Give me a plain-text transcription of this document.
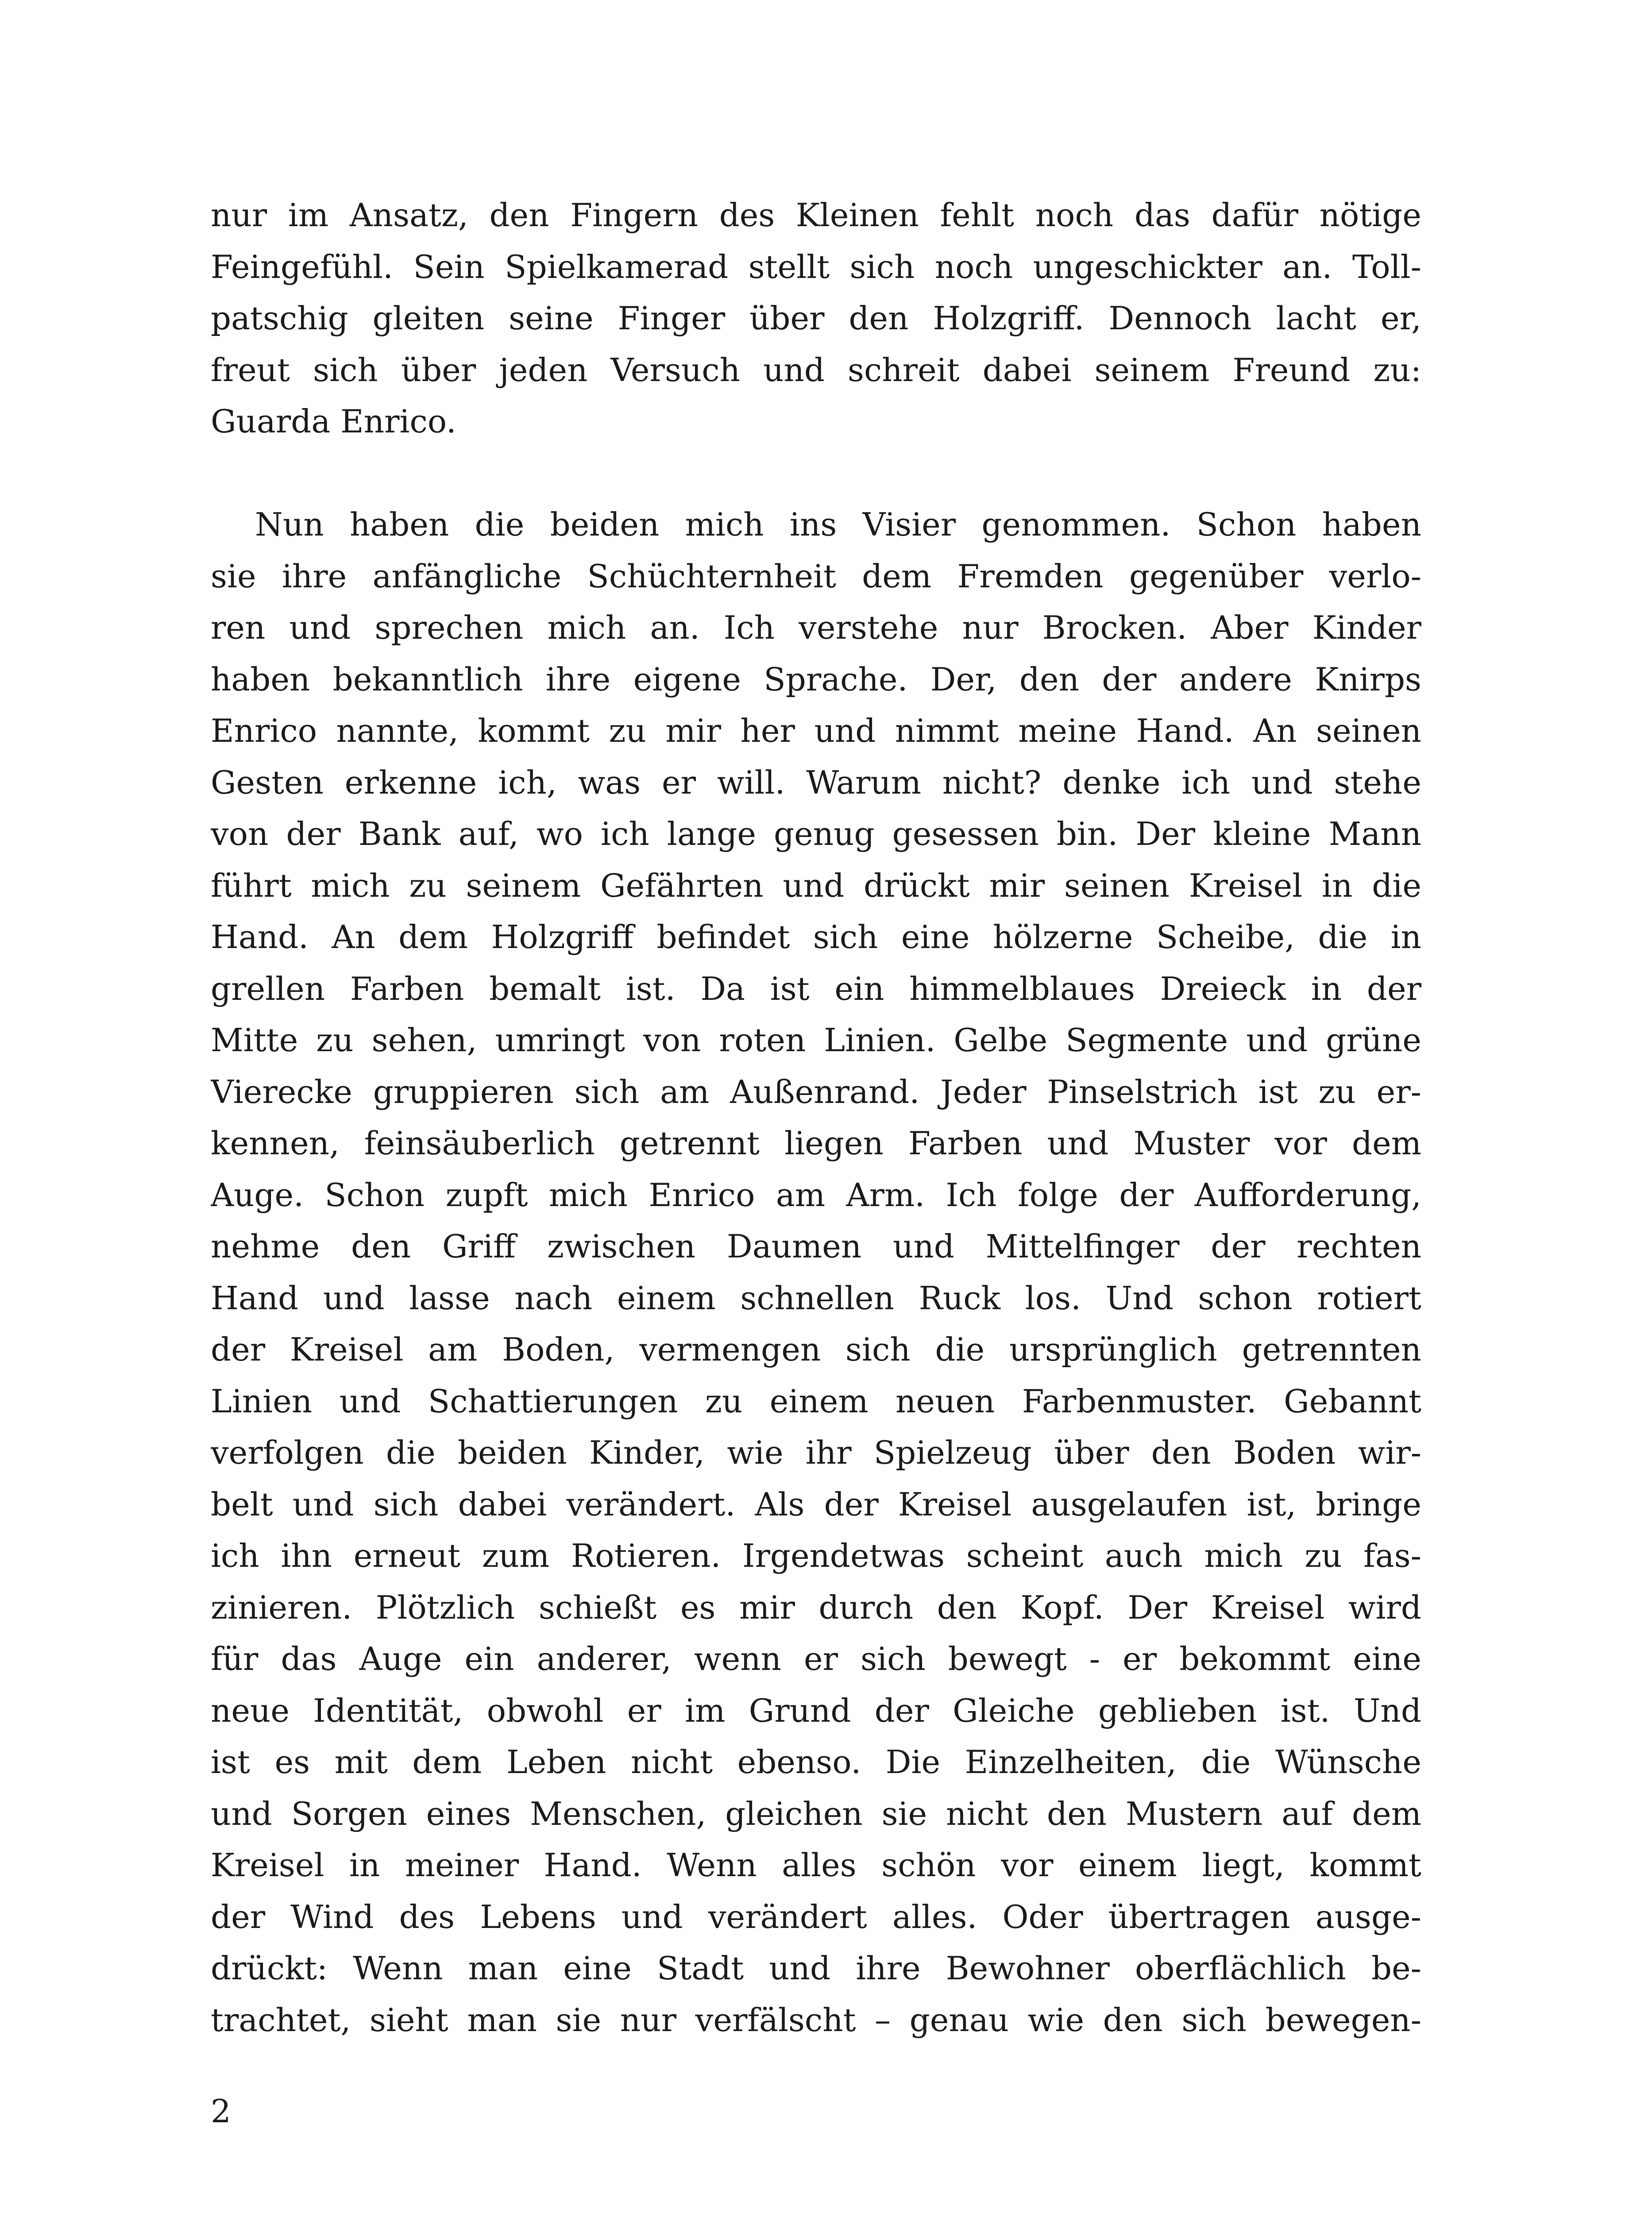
nur im Ansatz, den Fingern des Kleinen fehlt noch das dafür nötige
Feingefühl. Sein Spielkamerad stellt sich noch ungeschickter an. Toll-
patschig gleiten seine Finger über den Holzgriff. Dennoch lacht er,
freut sich über jeden Versuch und schreit dabei seinem Freund zu:
Guarda Enrico.
Nun haben die beiden mich ins Visier genommen. Schon haben
sie ihre anfängliche Schüchternheit dem Fremden gegenüber verlo-
ren und sprechen mich an. Ich verstehe nur Brocken. Aber Kinder
haben bekanntlich ihre eigene Sprache. Der, den der andere Knirps
Enrico nannte, kommt zu mir her und nimmt meine Hand. An seinen
Gesten erkenne ich, was er will. Warum nicht? denke ich und stehe
von der Bank auf, wo ich lange genug gesessen bin. Der kleine Mann
führt mich zu seinem Gefährten und drückt mir seinen Kreisel in die
Hand. An dem Holzgriff befindet sich eine hölzerne Scheibe, die in
grellen Farben bemalt ist. Da ist ein himmelblaues Dreieck in der
Mitte zu sehen, umringt von roten Linien. Gelbe Segmente und grüne
Vierecke gruppieren sich am Außenrand. Jeder Pinselstrich ist zu er-
kennen, feinsäuberlich getrennt liegen Farben und Muster vor dem
Auge. Schon zupft mich Enrico am Arm. Ich folge der Aufforderung,
nehme den Griff zwischen Daumen und Mittelfinger der rechten
Hand und lasse nach einem schnellen Ruck los. Und schon rotiert
der Kreisel am Boden, vermengen sich die ursprünglich getrennten
Linien und Schattierungen zu einem neuen Farbenmuster. Gebannt
verfolgen die beiden Kinder, wie ihr Spielzeug über den Boden wir-
belt und sich dabei verändert. Als der Kreisel ausgelaufen ist, bringe
ich ihn erneut zum Rotieren. Irgendetwas scheint auch mich zu fas-
zinieren. Plötzlich schießt es mir durch den Kopf. Der Kreisel wird
für das Auge ein anderer, wenn er sich bewegt - er bekommt eine
neue Identität, obwohl er im Grund der Gleiche geblieben ist. Und
ist es mit dem Leben nicht ebenso. Die Einzelheiten, die Wünsche
und Sorgen eines Menschen, gleichen sie nicht den Mustern auf dem
Kreisel in meiner Hand. Wenn alles schön vor einem liegt, kommt
der Wind des Lebens und verändert alles. Oder übertragen ausge-
drückt: Wenn man eine Stadt und ihre Bewohner oberflächlich be-
trachtet, sieht man sie nur verfälscht – genau wie den sich bewegen-
2
